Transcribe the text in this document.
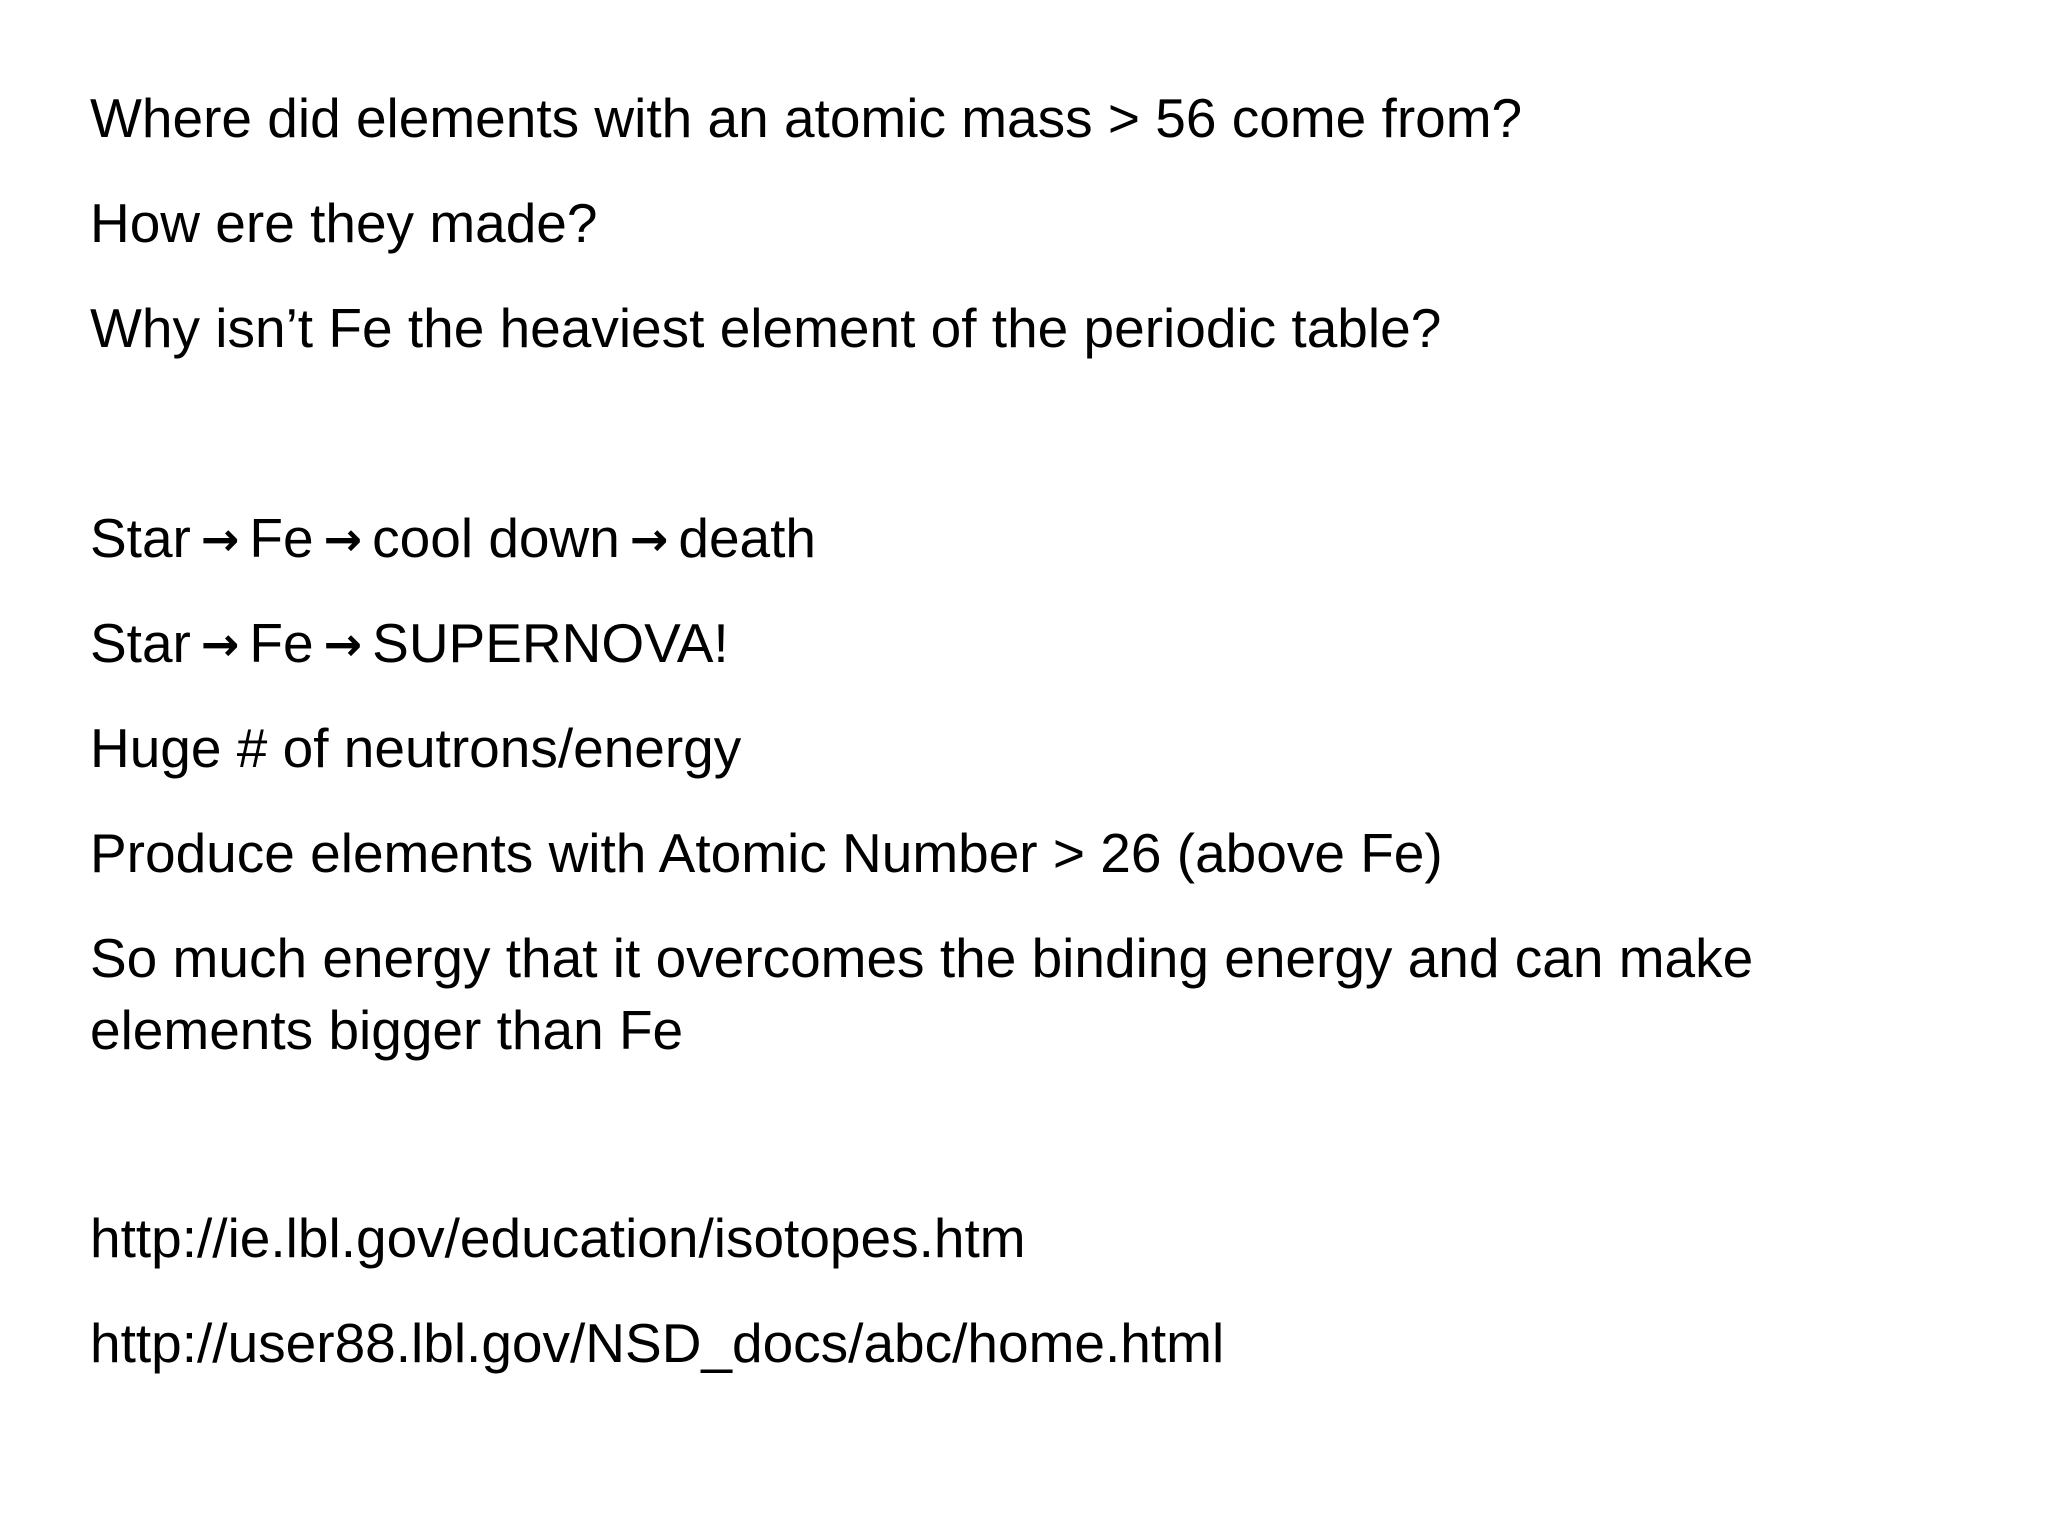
Where did elements with an atomic mass > 56 come from?

How ere they made?

Why isn’t Fe the heaviest element of the periodic table?

Star → Fe → cool down → death

Star → Fe → SUPERNOVA!

Huge # of neutrons/energy

Produce elements with Atomic Number > 26 (above Fe)

So much energy that it overcomes the binding energy and can make elements bigger than Fe

http://ie.lbl.gov/education/isotopes.htm

http://user88.lbl.gov/NSD_docs/abc/home.html
